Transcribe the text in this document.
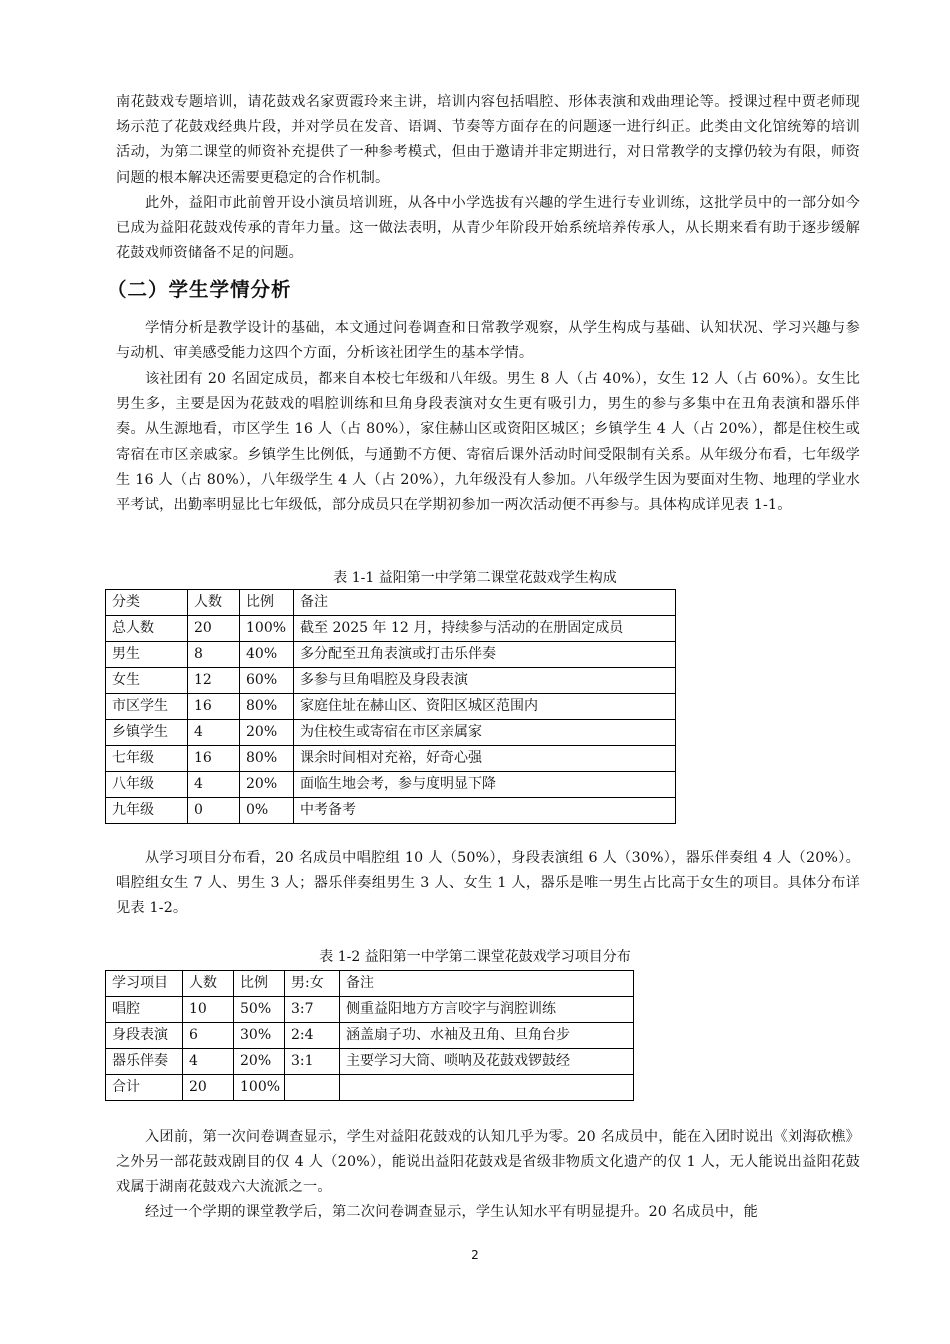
南花鼓戏专题培训，请花鼓戏名家贾霞玲来主讲，培训内容包括唱腔、形体表演和戏曲理论等。授课过程中贾老师现场示范了花鼓戏经典片段，并对学员在发音、语调、节奏等方面存在的问题逐一进行纠正。此类由文化馆统筹的培训活动，为第二课堂的师资补充提供了一种参考模式，但由于邀请并非定期进行，对日常教学的支撑仍较为有限，师资问题的根本解决还需要更稳定的合作机制。

此外，益阳市此前曾开设小演员培训班，从各中小学选拔有兴趣的学生进行专业训练，这批学员中的一部分如今已成为益阳花鼓戏传承的青年力量。这一做法表明，从青少年阶段开始系统培养传承人，从长期来看有助于逐步缓解花鼓戏师资储备不足的问题。

（二）学生学情分析

学情分析是教学设计的基础，本文通过问卷调查和日常教学观察，从学生构成与基础、认知状况、学习兴趣与参与动机、审美感受能力这四个方面，分析该社团学生的基本学情。

该社团有 20 名固定成员，都来自本校七年级和八年级。男生 8 人（占 40%），女生 12 人（占 60%）。女生比男生多，主要是因为花鼓戏的唱腔训练和旦角身段表演对女生更有吸引力，男生的参与多集中在丑角表演和器乐伴奏。从生源地看，市区学生 16 人（占 80%），家住赫山区或资阳区城区；乡镇学生 4 人（占 20%），都是住校生或寄宿在市区亲戚家。乡镇学生比例低，与通勤不方便、寄宿后课外活动时间受限制有关系。从年级分布看，七年级学生 16 人（占 80%），八年级学生 4 人（占 20%），九年级没有人参加。八年级学生因为要面对生物、地理的学业水平考试，出勤率明显比七年级低，部分成员只在学期初参加一两次活动便不再参与。具体构成详见表 1-1。

表 1-1 益阳第一中学第二课堂花鼓戏学生构成

分类	人数	比例	备注
总人数	20	100%	截至 2025 年 12 月，持续参与活动的在册固定成员
男生	8	40%	多分配至丑角表演或打击乐伴奏
女生	12	60%	多参与旦角唱腔及身段表演
市区学生	16	80%	家庭住址在赫山区、资阳区城区范围内
乡镇学生	4	20%	为住校生或寄宿在市区亲属家
七年级	16	80%	课余时间相对充裕，好奇心强
八年级	4	20%	面临生地会考，参与度明显下降
九年级	0	0%	中考备考

从学习项目分布看，20 名成员中唱腔组 10 人（50%），身段表演组 6 人（30%），器乐伴奏组 4 人（20%）。唱腔组女生 7 人、男生 3 人；器乐伴奏组男生 3 人、女生 1 人，器乐是唯一男生占比高于女生的项目。具体分布详见表 1-2。

表 1-2 益阳第一中学第二课堂花鼓戏学习项目分布

学习项目	人数	比例	男:女	备注
唱腔	10	50%	3:7	侧重益阳地方方言咬字与润腔训练
身段表演	6	30%	2:4	涵盖扇子功、水袖及丑角、旦角台步
器乐伴奏	4	20%	3:1	主要学习大筒、唢呐及花鼓戏锣鼓经
合计	20	100%		

入团前，第一次问卷调查显示，学生对益阳花鼓戏的认知几乎为零。20 名成员中，能在入团时说出《刘海砍樵》之外另一部花鼓戏剧目的仅 4 人（20%），能说出益阳花鼓戏是省级非物质文化遗产的仅 1 人，无人能说出益阳花鼓戏属于湖南花鼓戏六大流派之一。

经过一个学期的课堂教学后，第二次问卷调查显示，学生认知水平有明显提升。20 名成员中，能

2
